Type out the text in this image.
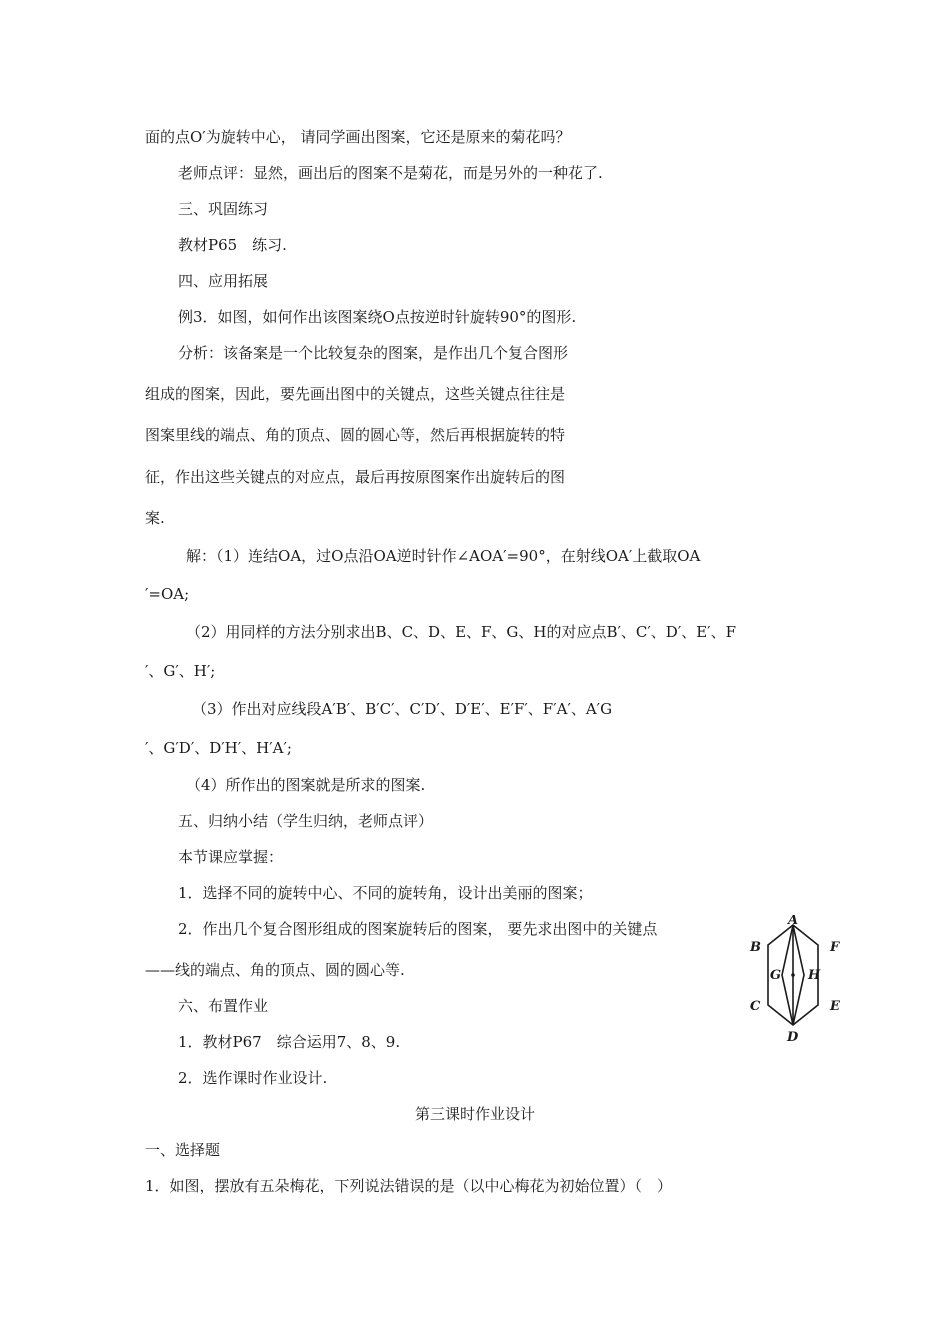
面的点O′为旋转中心， 请同学画出图案，它还是原来的菊花吗？
老师点评：显然，画出后的图案不是菊花，而是另外的一种花了.
三、巩固练习
教材P65　练习.
四、应用拓展
例3．如图，如何作出该图案绕O点按逆时针旋转90°的图形.
分析：该备案是一个比较复杂的图案，是作出几个复合图形
组成的图案，因此，要先画出图中的关键点，这些关键点往往是
图案里线的端点、角的顶点、圆的圆心等，然后再根据旋转的特
征，作出这些关键点的对应点，最后再按原图案作出旋转后的图
案.
解：（1）连结OA，过O点沿OA逆时针作∠AOA′=90°，在射线OA′上截取OA
′=OA;
（2）用同样的方法分别求出B、C、D、E、F、G、H的对应点B′、C′、D′、E′、F
′、G′、H′;
（3）作出对应线段A′B′、B′C′、C′D′、D′E′、E′F′、F′A′、A′G
′、G′D′、D′H′、H′A′;
（4）所作出的图案就是所求的图案.
五、归纳小结（学生归纳，老师点评）
本节课应掌握：
1．选择不同的旋转中心、不同的旋转角，设计出美丽的图案；
2．作出几个复合图形组成的图案旋转后的图案， 要先求出图中的关键点
——线的端点、角的顶点、圆的圆心等.
六、布置作业
1．教材P67　综合运用7、8、9.
2．选作课时作业设计.
第三课时作业设计
一、选择题
1．如图，摆放有五朵梅花，下列说法错误的是（以中心梅花为初始位置）（　）
A
B	F
G H
C	E
D
